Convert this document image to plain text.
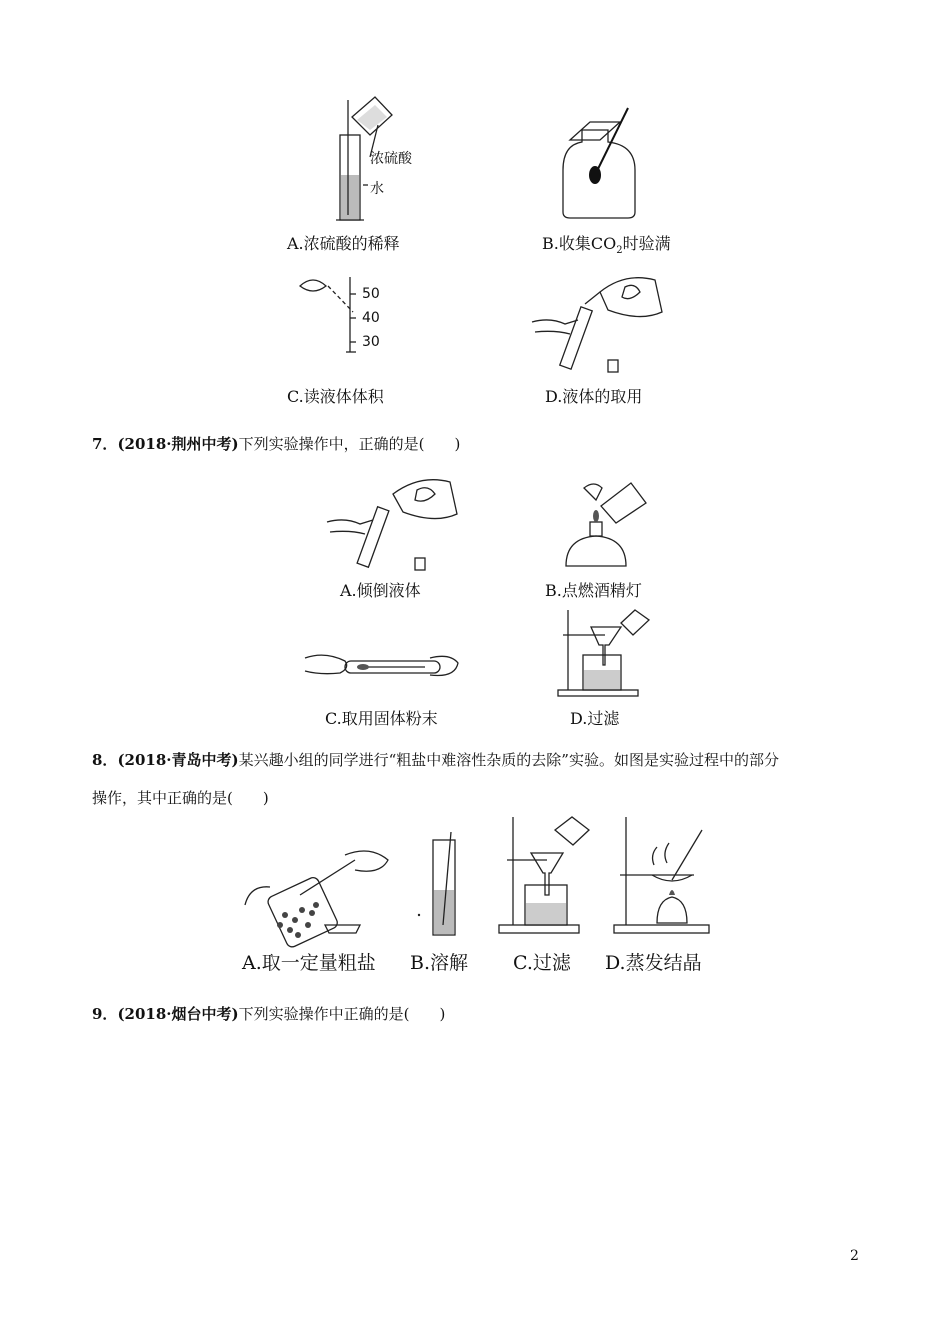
浓硫酸
水
A.浓硫酸的稀释	B.收集$CO_2$时验满
50
40
30
C.读液体体积	D.液体的取用
7．(2018·荆州中考)下列实验操作中，正确的是(　　)
A.倾倒液体	B.点燃酒精灯
C.取用固体粉末	D.过滤
8．(2018·青岛中考)某兴趣小组的同学进行“粗盐中难溶性杂质的去除”实验。如图是实验过程中的部分
操作，其中正确的是(　　)
A.取一定量粗盐 B.溶解 C.过滤 D.蒸发结晶
9．(2018·烟台中考)下列实验操作中正确的是(　　)
2
